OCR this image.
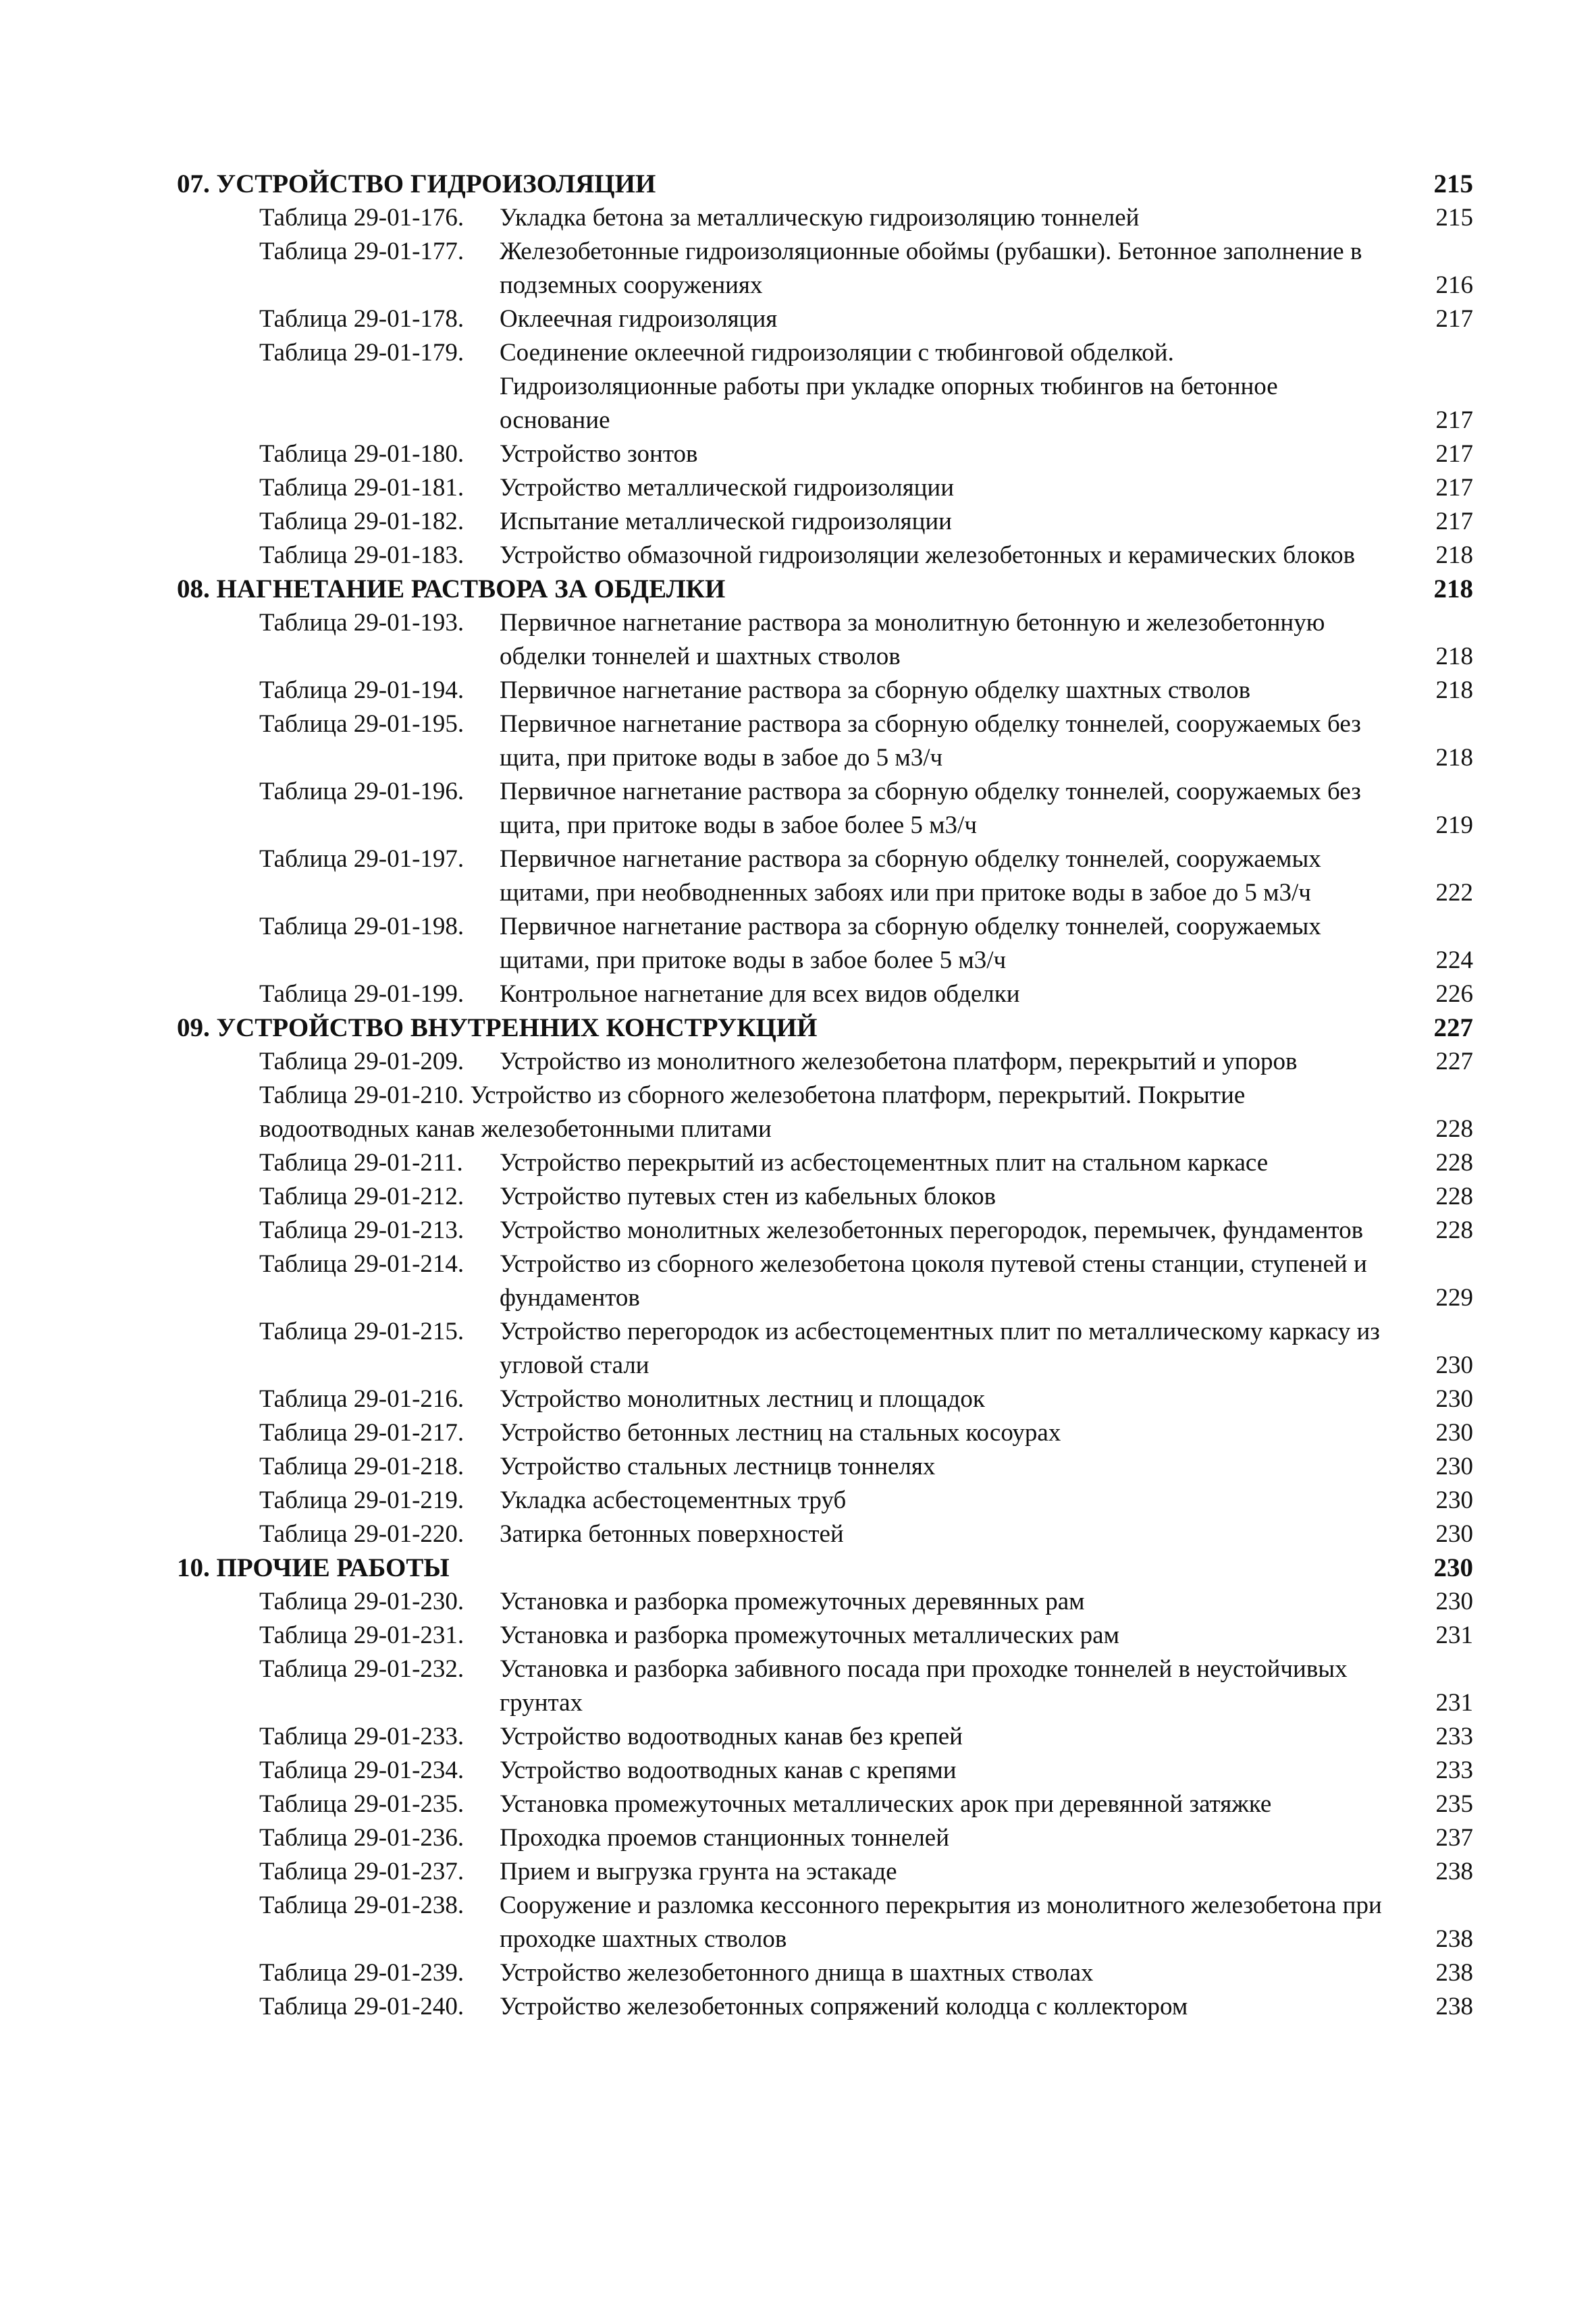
07. УСТРОЙСТВО ГИДРОИЗОЛЯЦИИ	215
Таблица 29-01-176.	Укладка бетона за металлическую гидроизоляцию тоннелей	215
Таблица 29-01-177.	Железобетонные гидроизоляционные обоймы (рубашки). Бетонное заполнение в подземных сооружениях	216
Таблица 29-01-178.	Оклеечная гидроизоляция	217
Таблица 29-01-179.	Соединение оклеечной гидроизоляции с тюбинговой обделкой. Гидроизоляционные работы при укладке опорных тюбингов на бетонное основание	217
Таблица 29-01-180.	Устройство зонтов	217
Таблица 29-01-181.	Устройство металлической гидроизоляции	217
Таблица 29-01-182.	Испытание металлической гидроизоляции	217
Таблица 29-01-183.	Устройство обмазочной гидроизоляции железобетонных и керамических блоков	218
08. НАГНЕТАНИЕ РАСТВОРА ЗА ОБДЕЛКИ	218
Таблица 29-01-193.	Первичное нагнетание раствора за монолитную бетонную и железобетонную обделки тоннелей и шахтных стволов	218
Таблица 29-01-194.	Первичное нагнетание раствора за сборную обделку шахтных стволов	218
Таблица 29-01-195.	Первичное нагнетание раствора за сборную обделку тоннелей, сооружаемых без щита, при притоке воды в забое до 5 м3/ч	218
Таблица 29-01-196.	Первичное нагнетание раствора за сборную обделку тоннелей, сооружаемых без щита, при притоке воды в забое более 5 м3/ч	219
Таблица 29-01-197.	Первичное нагнетание раствора за сборную обделку тоннелей, сооружаемых щитами, при необводненных забоях или при притоке воды в забое до 5 м3/ч	222
Таблица 29-01-198.	Первичное нагнетание раствора за сборную обделку тоннелей, сооружаемых щитами, при притоке воды в забое более 5 м3/ч	224
Таблица 29-01-199.	Контрольное нагнетание для всех видов обделки	226
09. УСТРОЙСТВО ВНУТРЕННИХ КОНСТРУКЦИЙ	227
Таблица 29-01-209.	Устройство из монолитного железобетона платформ, перекрытий и упоров	227
Таблица 29-01-210. Устройство из сборного железобетона платформ, перекрытий. Покрытие водоотводных канав железобетонными плитами	228
Таблица 29-01-211.	Устройство перекрытий из асбестоцементных плит на стальном каркасе	228
Таблица 29-01-212.	Устройство путевых стен из кабельных блоков	228
Таблица 29-01-213.	Устройство монолитных железобетонных перегородок, перемычек, фундаментов	228
Таблица 29-01-214.	Устройство из сборного железобетона цоколя путевой стены станции, ступеней и фундаментов	229
Таблица 29-01-215.	Устройство перегородок из асбестоцементных плит по металлическому каркасу из угловой стали	230
Таблица 29-01-216.	Устройство монолитных лестниц и площадок	230
Таблица 29-01-217.	Устройство бетонных лестниц на стальных косоурах	230
Таблица 29-01-218.	Устройство стальных лестницв тоннелях	230
Таблица 29-01-219.	Укладка асбестоцементных труб	230
Таблица 29-01-220.	Затирка бетонных поверхностей	230
10. ПРОЧИЕ РАБОТЫ	230
Таблица 29-01-230.	Установка и разборка промежуточных деревянных рам	230
Таблица 29-01-231.	Установка и разборка промежуточных металлических рам	231
Таблица 29-01-232.	Установка и разборка забивного посада при проходке тоннелей в неустойчивых грунтах	231
Таблица 29-01-233.	Устройство водоотводных канав без крепей	233
Таблица 29-01-234.	Устройство водоотводных канав с крепями	233
Таблица 29-01-235.	Установка промежуточных металлических арок при деревянной затяжке	235
Таблица 29-01-236.	Проходка проемов станционных тоннелей	237
Таблица 29-01-237.	Прием и выгрузка грунта на эстакаде	238
Таблица 29-01-238.	Сооружение и разломка кессонного перекрытия из монолитного железобетона при проходке шахтных стволов	238
Таблица 29-01-239.	Устройство железобетонного днища в шахтных стволах	238
Таблица 29-01-240.	Устройство железобетонных сопряжений колодца с коллектором	238
